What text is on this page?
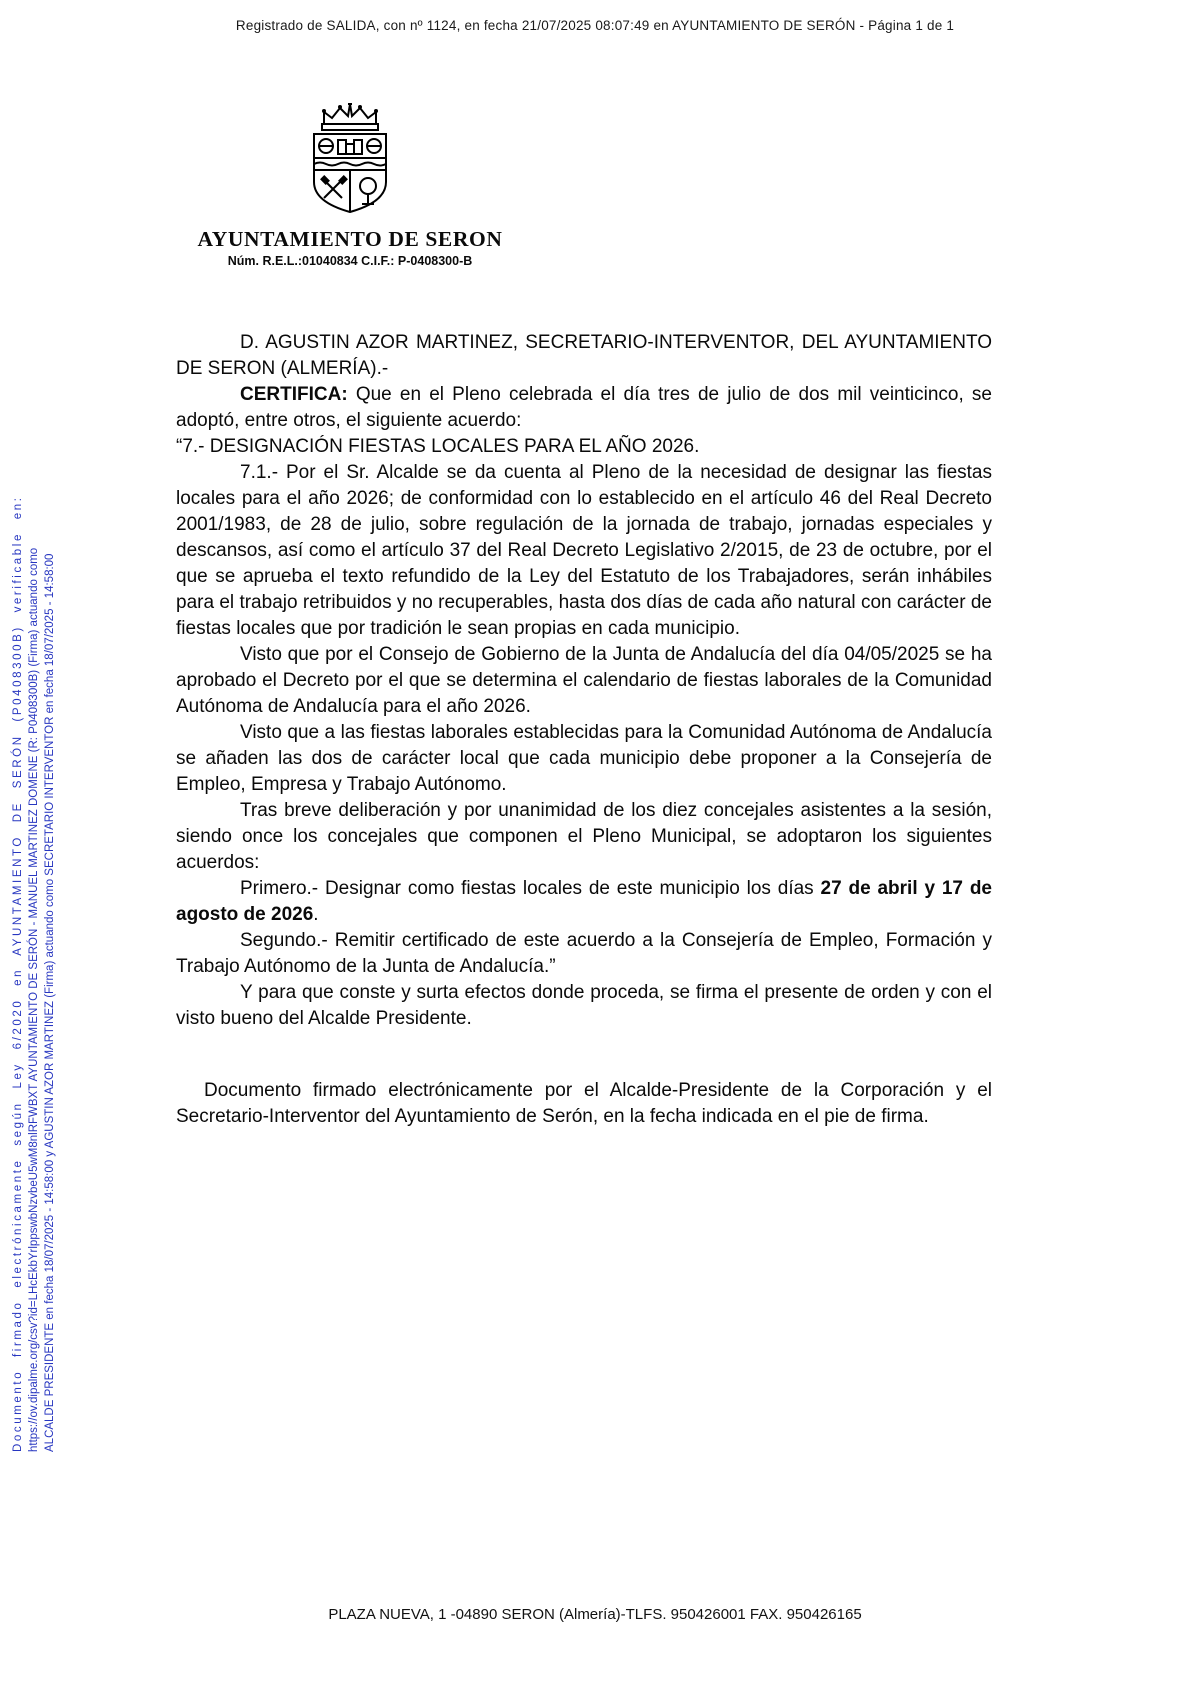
Registrado de SALIDA, con nº 1124, en fecha 21/07/2025 08:07:49 en AYUNTAMIENTO DE SERÓN - Página 1 de 1
Documento firmado electrónicamente según Ley 6/2020 en AYUNTAMIENTO DE SERÓN (P0408300B) verificable en: https://ov.dipalme.org/csv?id=LHcEkbYrlppswbNzvbeU5wM8nlRFWBXT AYUNTAMIENTO DE SERÓN - MANUEL MARTINEZ DOMENE (R: P0408300B) (Firma) actuando como ALCALDE PRESIDENTE en fecha 18/07/2025 - 14:58:00 y AGUSTIN AZOR MARTINEZ (Firma) actuando como SECRETARIO INTERVENTOR en fecha 18/07/2025 - 14:58:00
AYUNTAMIENTO DE SERON
Núm. R.E.L.:01040834 C.I.F.: P-0408300-B

D. AGUSTIN AZOR MARTINEZ, SECRETARIO-INTERVENTOR, DEL AYUNTAMIENTO DE SERON (ALMERÍA).-

CERTIFICA: Que en el Pleno celebrada el día tres de julio de dos mil veinticinco, se adoptó, entre otros, el siguiente acuerdo:

“7.- DESIGNACIÓN FIESTAS LOCALES PARA EL AÑO 2026.

7.1.- Por el Sr. Alcalde se da cuenta al Pleno de la necesidad de designar las fiestas locales para el año 2026; de conformidad con lo establecido en el artículo 46 del Real Decreto 2001/1983, de 28 de julio, sobre regulación de la jornada de trabajo, jornadas especiales y descansos, así como el artículo 37 del Real Decreto Legislativo 2/2015, de 23 de octubre, por el que se aprueba el texto refundido de la Ley del Estatuto de los Trabajadores, serán inhábiles para el trabajo retribuidos y no recuperables, hasta dos días de cada año natural con carácter de fiestas locales que por tradición le sean propias en cada municipio.

Visto que por el Consejo de Gobierno de la Junta de Andalucía del día 04/05/2025 se ha aprobado el Decreto por el que se determina el calendario de fiestas laborales de la Comunidad Autónoma de Andalucía para el año 2026.

Visto que a las fiestas laborales establecidas para la Comunidad Autónoma de Andalucía se añaden las dos de carácter local que cada municipio debe proponer a la Consejería de Empleo, Empresa y Trabajo Autónomo.

Tras breve deliberación y por unanimidad de los diez concejales asistentes a la sesión, siendo once los concejales que componen el Pleno Municipal, se adoptaron los siguientes acuerdos:

Primero.- Designar como fiestas locales de este municipio los días 27 de abril y 17 de agosto de 2026.

Segundo.- Remitir certificado de este acuerdo a la Consejería de Empleo, Formación y Trabajo Autónomo de la Junta de Andalucía.”

Y para que conste y surta efectos donde proceda, se firma el presente de orden y con el visto bueno del Alcalde Presidente.

Documento firmado electrónicamente por el Alcalde-Presidente de la Corporación y el Secretario-Interventor del Ayuntamiento de Serón, en la fecha indicada en el pie de firma.

PLAZA NUEVA, 1 -04890 SERON (Almería)-TLFS. 950426001 FAX. 950426165
